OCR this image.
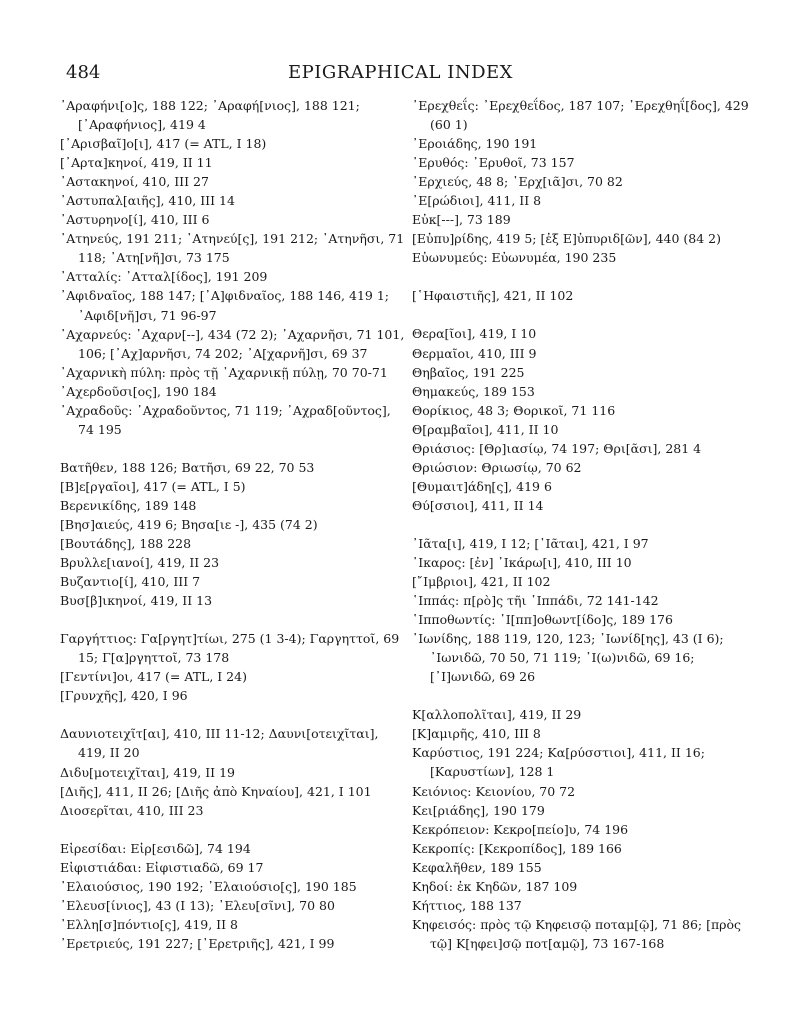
484	EPIGRAPHICAL INDEX
᾿Αραφήνι[ο]ς, 188 122; ᾿Αραφή[νιος], 188 121; [᾿Αραφήνιος], 419 4
[᾿Αρισβαῖ]ο[ι], 417 (= ATL, I 18)
[᾿Αρτα]κηνοί, 419, II 11
᾿Αστακηνοί, 410, III 27
᾿Αστυπαλ[αιῆς], 410, III 14
᾿Αστυρηνο[ί], 410, III 6
᾿Ατηνεύς, 191 211; ᾿Ατηνεύ[ς], 191 212; ᾿Ατηνῆσι, 71 118; ᾿Ατη[νῆ]σι, 73 175
᾿Ατταλίς: ᾿Ατταλ[ίδος], 191 209
᾿Αφιδναῖος, 188 147; [᾿Α]φιδναῖος, 188 146, 419 1; ᾿Αφιδ[νῆ]σι, 71 96-97
᾿Αχαρνεύς: ᾿Αχαρν[--], 434 (72 2); ᾿Αχαρνῆσι, 71 101, 106; [᾿Αχ]αρνῆσι, 74 202; ᾿Α[χαρνῆ]σι, 69 37
᾿Αχαρνικὴ πύλη: πρὸς τῇ ᾿Αχαρνικῇ πύλῃ, 70 70-71
᾿Αχερδοῦσι[ος], 190 184
᾿Αχραδοῦς: ᾿Αχραδοῦντος, 71 119; ᾿Αχραδ[οῦντος], 74 195
Βατῆθεν, 188 126; Βατῆσι, 69 22, 70 53
[Β]ε[ργαῖοι], 417 (= ATL, I 5)
Βερενικίδης, 189 148
[Βησ]αιεύς, 419 6; Βησα[ιε -], 435 (74 2)
[Βουτάδης], 188 228
Βρυλλε[ιανοί], 419, II 23
Βυζαντιο[ί], 410, III 7
Βυσ[β]ικηνοί, 419, II 13
Γαργήττιος: Γα[ργητ]τίωι, 275 (1 3-4); Γαργηττοῖ, 69 15; Γ[α]ργηττοῖ, 73 178
[Γεντίνι]οι, 417 (= ATL, I 24)
[Γρυνχῆς], 420, I 96
Δαυνιοτειχῖτ[αι], 410, III 11-12; Δαυνι[οτειχῖται], 419, II 20
Διδυ[μοτειχῖται], 419, II 19
[Διῆς], 411, II 26; [Διῆς ἀπὸ Κηναίου], 421, I 101
Διοσερῖται, 410, III 23
Εἰρεσίδαι: Εἰρ[εσιδῶ], 74 194
Εἰφιστιάδαι: Εἰφιστιαδῶ, 69 17
᾿Ελαιούσιος, 190 192; ᾿Ελαιούσιο[ς], 190 185
᾿Ελευσ[ίνιος], 43 (I 13); ᾿Ελευ[σῖνι], 70 80
᾿Ελλη[σ]πόντιο[ς], 419, II 8
᾿Ερετριεύς, 191 227; [᾿Ερετριῆς], 421, I 99
᾿Ερεχθεΐς: ᾿Ερεχθεΐδος, 187 107; ᾿Ερεχθηΐ[δος], 429 (60 1)
᾿Εροιάδης, 190 191
᾿Ερυθός: ᾿Ερυθοῖ, 73 157
᾿Ερχιεύς, 48 8; ᾿Ερχ[ιᾶ]σι, 70 82
᾿Ε[ρώδιοι], 411, II 8
Εὐκ[---], 73 189
[Εὐπυ]ρίδης, 419 5; [ἐξ Ε]ὐπυριδ[ῶν], 440 (84 2)
Εὐωνυμεύς: Εὐωνυμέα, 190 235
[῾Ηφαιστιῆς], 421, II 102
Θερα[ῖοι], 419, I 10
Θερμαῖοι, 410, III 9
Θηβαῖος, 191 225
Θημακεύς, 189 153
Θορίκιος, 48 3; Θορικοῖ, 71 116
Θ[ραμβαῖοι], 411, II 10
Θριάσιος: [Θρ]ιασίῳ, 74 197; Θρι[ᾶσι], 281 4
Θριώσιον: Θριωσίῳ, 70 62
[Θυμαιτ]άδη[ς], 419 6
Θύ[σσιοι], 411, II 14
᾿Ιᾶτα[ι], 419, I 12; [᾿Ιᾶται], 421, I 97
᾿Ικαρος: [ἐν] ᾿Ικάρω[ι], 410, III 10
[῎Ιμβριοι], 421, II 102
῾Ιππάς: π[ρὸ]ς τῆι ῾Ιππάδι, 72 141-142
῾Ιπποθωντίς: ῾Ι[ππ]οθωντ[ίδο]ς, 189 176
᾿Ιωνίδης, 188 119, 120, 123; ᾿Ιωνίδ[ης], 43 (I 6); ᾿Ιωνιδῶ, 70 50, 71 119; ᾿Ι(ω)νιδῶ, 69 16; [᾿Ι]ωνιδῶ, 69 26
Κ[αλλοπολῖται], 419, II 29
[Κ]αμιρῆς, 410, III 8
Καρύστιος, 191 224; Κα[ρύσστιοι], 411, II 16; [Καρυστίων], 128 1
Κειόνιος: Κειονίου, 70 72
Κει[ριάδης], 190 179
Κεκρόπειον: Κεκρο[πείο]υ, 74 196
Κεκροπίς: [Κεκροπίδος], 189 166
Κεφαλῆθεν, 189 155
Κηδοί: ἐκ Κηδῶν, 187 109
Κήττιος, 188 137
Κηφεισός: πρὸς τῷ Κηφεισῷ ποταμ[ῷ], 71 86; [πρὸς τῷ] Κ[ηφει]σῷ ποτ[αμῷ], 73 167-168
